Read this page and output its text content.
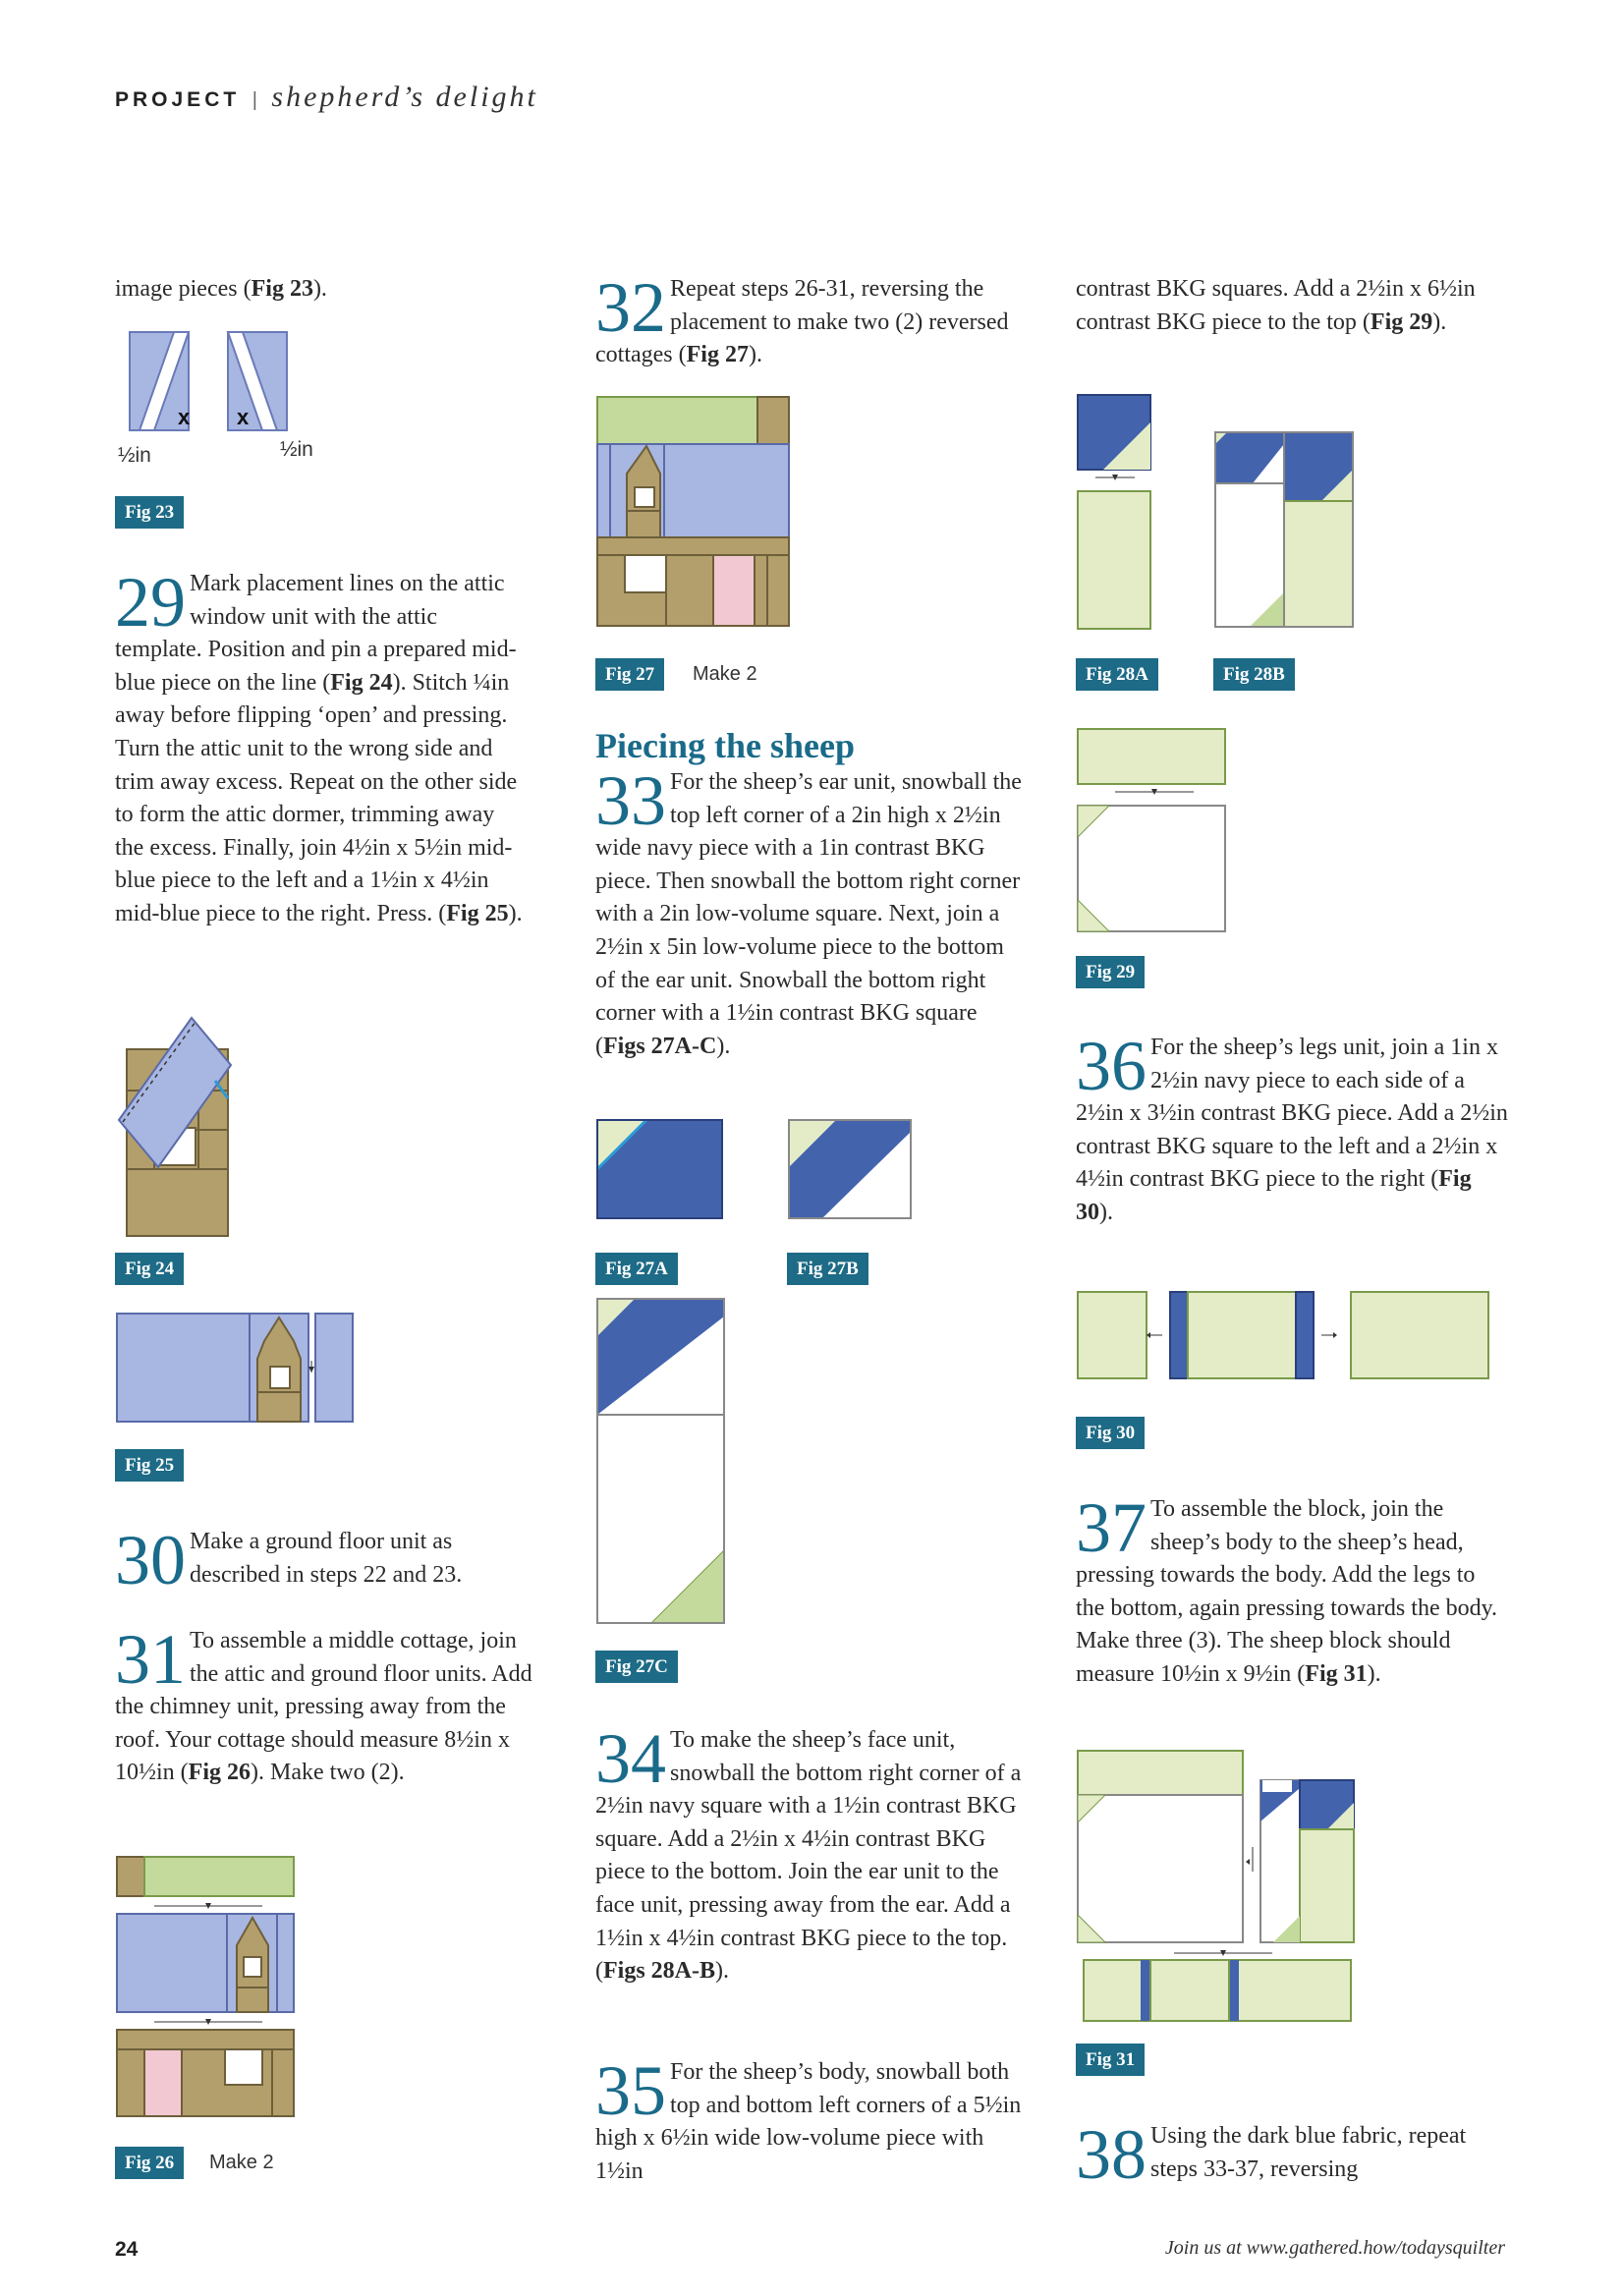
PROJECT | shepherd’s delight
image pieces (Fig 23).
x x
½in	½in
Fig 23
29 Mark placement lines on the attic window unit with the attic template. Position and pin a prepared mid-blue piece on the line (Fig 24). Stitch ¼in away before flipping ‘open’ and pressing. Turn the attic unit to the wrong side and trim away excess. Repeat on the other side to form the attic dormer, trimming away the excess. Finally, join 4½in x 5½in mid-blue piece to the left and a 1½in x 4½in mid-blue piece to the right. Press. (Fig 25).
Fig 24
Fig 25
30 Make a ground floor unit as described in steps 22 and 23.
31 To assemble a middle cottage, join the attic and ground floor units. Add the chimney unit, pressing away from the roof. Your cottage should measure 8½in x 10½in (Fig 26). Make two (2).
Fig 26	Make 2
32 Repeat steps 26-31, reversing the placement to make two (2) reversed cottages (Fig 27).
Fig 27	Make 2
Piecing the sheep
33 For the sheep’s ear unit, snowball the top left corner of a 2in high x 2½in wide navy piece with a 1in contrast BKG piece. Then snowball the bottom right corner with a 2in low-volume square. Next, join a 2½in x 5in low-volume piece to the bottom of the ear unit. Snowball the bottom right corner with a 1½in contrast BKG square (Figs 27A-C).
Fig 27A	Fig 27B
Fig 27C
34 To make the sheep’s face unit, snowball the bottom right corner of a 2½in navy square with a 1½in contrast BKG square. Add a 2½in x 4½in contrast BKG piece to the bottom. Join the ear unit to the face unit, pressing away from the ear. Add a 1½in x 4½in contrast BKG piece to the top. (Figs 28A-B).
35 For the sheep’s body, snowball both top and bottom left corners of a 5½in high x 6½in wide low-volume piece with 1½in
contrast BKG squares. Add a 2½in x 6½in contrast BKG piece to the top (Fig 29).
Fig 28A	Fig 28B
Fig 29
36 For the sheep’s legs unit, join a 1in x 2½in navy piece to each side of a 2½in x 3½in contrast BKG piece. Add a 2½in contrast BKG square to the left and a 2½in x 4½in contrast BKG piece to the right (Fig 30).
Fig 30
37 To assemble the block, join the sheep’s body to the sheep’s head, pressing towards the body. Add the legs to the bottom, again pressing towards the body. Make three (3). The sheep block should measure 10½in x 9½in (Fig 31).
Fig 31
38 Using the dark blue fabric, repeat steps 33-37, reversing
24	Join us at www.gathered.how/todaysquilter
